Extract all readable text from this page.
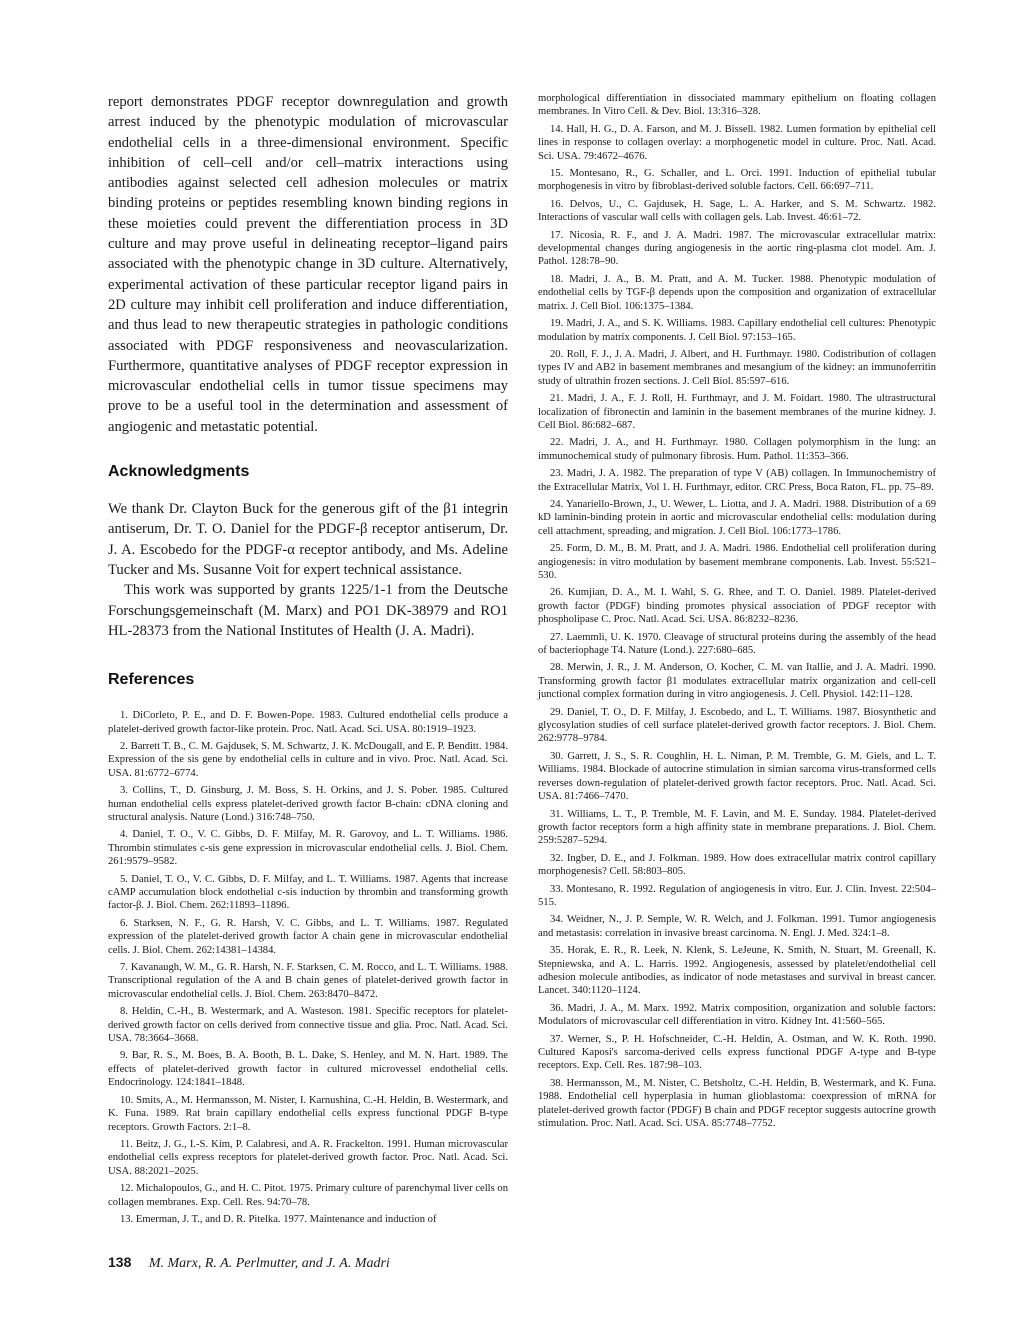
report demonstrates PDGF receptor downregulation and growth arrest induced by the phenotypic modulation of microvascular endothelial cells in a three-dimensional environment. Specific inhibition of cell–cell and/or cell–matrix interactions using antibodies against selected cell adhesion molecules or matrix binding proteins or peptides resembling known binding regions in these moieties could prevent the differentiation process in 3D culture and may prove useful in delineating receptor–ligand pairs associated with the phenotypic change in 3D culture. Alternatively, experimental activation of these particular receptor ligand pairs in 2D culture may inhibit cell proliferation and induce differentiation, and thus lead to new therapeutic strategies in pathologic conditions associated with PDGF responsiveness and neovascularization. Furthermore, quantitative analyses of PDGF receptor expression in microvascular endothelial cells in tumor tissue specimens may prove to be a useful tool in the determination and assessment of angiogenic and metastatic potential.

Acknowledgments

We thank Dr. Clayton Buck for the generous gift of the β1 integrin antiserum, Dr. T. O. Daniel for the PDGF-β receptor antiserum, Dr. J. A. Escobedo for the PDGF-α receptor antibody, and Ms. Adeline Tucker and Ms. Susanne Voit for expert technical assistance.

This work was supported by grants 1225/1-1 from the Deutsche Forschungsgemeinschaft (M. Marx) and PO1 DK-38979 and RO1 HL-28373 from the National Institutes of Health (J. A. Madri).

References
1. DiCorleto, P. E., and D. F. Bowen-Pope. 1983. Cultured endothelial cells produce a platelet-derived growth factor-like protein. Proc. Natl. Acad. Sci. USA. 80:1919–1923.
2. Barrett T. B., C. M. Gajdusek, S. M. Schwartz, J. K. McDougall, and E. P. Benditt. 1984. Expression of the sis gene by endothelial cells in culture and in vivo. Proc. Natl. Acad. Sci. USA. 81:6772–6774.
3. Collins, T., D. Ginsburg, J. M. Boss, S. H. Orkins, and J. S. Pober. 1985. Cultured human endothelial cells express platelet-derived growth factor B-chain: cDNA cloning and structural analysis. Nature (Lond.) 316:748–750.
4. Daniel, T. O., V. C. Gibbs, D. F. Milfay, M. R. Garovoy, and L. T. Williams. 1986. Thrombin stimulates c-sis gene expression in microvascular endothelial cells. J. Biol. Chem. 261:9579–9582.
5. Daniel, T. O., V. C. Gibbs, D. F. Milfay, and L. T. Williams. 1987. Agents that increase cAMP accumulation block endothelial c-sis induction by thrombin and transforming growth factor-β. J. Biol. Chem. 262:11893–11896.
6. Starksen, N. F., G. R. Harsh, V. C. Gibbs, and L. T. Williams. 1987. Regulated expression of the platelet-derived growth factor A chain gene in microvascular endothelial cells. J. Biol. Chem. 262:14381–14384.
7. Kavanaugh, W. M., G. R. Harsh, N. F. Starksen, C. M. Rocco, and L. T. Williams. 1988. Transcriptional regulation of the A and B chain genes of platelet-derived growth factor in microvascular endothelial cells. J. Biol. Chem. 263:8470–8472.
8. Heldin, C.-H., B. Westermark, and A. Wasteson. 1981. Specific receptors for platelet-derived growth factor on cells derived from connective tissue and glia. Proc. Natl. Acad. Sci. USA. 78:3664–3668.
9. Bar, R. S., M. Boes, B. A. Booth, B. L. Dake, S. Henley, and M. N. Hart. 1989. The effects of platelet-derived growth factor in cultured microvessel endothelial cells. Endocrinology. 124:1841–1848.
10. Smits, A., M. Hermansson, M. Nister, I. Karnushina, C.-H. Heldin, B. Westermark, and K. Funa. 1989. Rat brain capillary endothelial cells express functional PDGF B-type receptors. Growth Factors. 2:1–8.
11. Beitz, J. G., I.-S. Kim, P. Calabresi, and A. R. Frackelton. 1991. Human microvascular endothelial cells express receptors for platelet-derived growth factor. Proc. Natl. Acad. Sci. USA. 88:2021–2025.
12. Michalopoulos, G., and H. C. Pitot. 1975. Primary culture of parenchymal liver cells on collagen membranes. Exp. Cell. Res. 94:70–78.
13. Emerman, J. T., and D. R. Pitelka. 1977. Maintenance and induction of
morphological differentiation in dissociated mammary epithelium on floating collagen membranes. In Vitro Cell. & Dev. Biol. 13:316–328.
14. Hall, H. G., D. A. Farson, and M. J. Bissell. 1982. Lumen formation by epithelial cell lines in response to collagen overlay: a morphogenetic model in culture. Proc. Natl. Acad. Sci. USA. 79:4672–4676.
15. Montesano, R., G. Schaller, and L. Orci. 1991. Induction of epithelial tubular morphogenesis in vitro by fibroblast-derived soluble factors. Cell. 66:697–711.
16. Delvos, U., C. Gajdusek, H. Sage, L. A. Harker, and S. M. Schwartz. 1982. Interactions of vascular wall cells with collagen gels. Lab. Invest. 46:61–72.
17. Nicosia, R. F., and J. A. Madri. 1987. The microvascular extracellular matrix: developmental changes during angiogenesis in the aortic ring-plasma clot model. Am. J. Pathol. 128:78–90.
18. Madri, J. A., B. M. Pratt, and A. M. Tucker. 1988. Phenotypic modulation of endothelial cells by TGF-β depends upon the composition and organization of extracellular matrix. J. Cell Biol. 106:1375–1384.
19. Madri, J. A., and S. K. Williams. 1983. Capillary endothelial cell cultures: Phenotypic modulation by matrix components. J. Cell Biol. 97:153–165.
20. Roll, F. J., J. A. Madri, J. Albert, and H. Furthmayr. 1980. Codistribution of collagen types IV and AB2 in basement membranes and mesangium of the kidney: an immunoferritin study of ultrathin frozen sections. J. Cell Biol. 85:597–616.
21. Madri, J. A., F. J. Roll, H. Furthmayr, and J. M. Foidart. 1980. The ultrastructural localization of fibronectin and laminin in the basement membranes of the murine kidney. J. Cell Biol. 86:682–687.
22. Madri, J. A., and H. Furthmayr. 1980. Collagen polymorphism in the lung: an immunochemical study of pulmonary fibrosis. Hum. Pathol. 11:353–366.
23. Madri, J. A. 1982. The preparation of type V (AB) collagen. In Immunochemistry of the Extracellular Matrix, Vol 1. H. Furthmayr, editor. CRC Press, Boca Raton, FL. pp. 75–89.
24. Yanariello-Brown, J., U. Wewer, L. Liotta, and J. A. Madri. 1988. Distribution of a 69 kD laminin-binding protein in aortic and microvascular endothelial cells: modulation during cell attachment, spreading, and migration. J. Cell Biol. 106:1773–1786.
25. Form, D. M., B. M. Pratt, and J. A. Madri. 1986. Endothelial cell proliferation during angiogenesis: in vitro modulation by basement membrane components. Lab. Invest. 55:521–530.
26. Kumjian, D. A., M. I. Wahl, S. G. Rhee, and T. O. Daniel. 1989. Platelet-derived growth factor (PDGF) binding promotes physical association of PDGF receptor with phospholipase C. Proc. Natl. Acad. Sci. USA. 86:8232–8236.
27. Laemmli, U. K. 1970. Cleavage of structural proteins during the assembly of the head of bacteriophage T4. Nature (Lond.). 227:680–685.
28. Merwin, J. R., J. M. Anderson, O. Kocher, C. M. van Itallie, and J. A. Madri. 1990. Transforming growth factor β1 modulates extracellular matrix organization and cell-cell junctional complex formation during in vitro angiogenesis. J. Cell. Physiol. 142:11–128.
29. Daniel, T. O., D. F. Milfay, J. Escobedo, and L. T. Williams. 1987. Biosynthetic and glycosylation studies of cell surface platelet-derived growth factor receptors. J. Biol. Chem. 262:9778–9784.
30. Garrett, J. S., S. R. Coughlin, H. L. Niman, P. M. Tremble, G. M. Giels, and L. T. Williams. 1984. Blockade of autocrine stimulation in simian sarcoma virus-transformed cells reverses down-regulation of platelet-derived growth factor receptors. Proc. Natl. Acad. Sci. USA. 81:7466–7470.
31. Williams, L. T., P. Tremble, M. F. Lavin, and M. E. Sunday. 1984. Platelet-derived growth factor receptors form a high affinity state in membrane preparations. J. Biol. Chem. 259:5287–5294.
32. Ingber, D. E., and J. Folkman. 1989. How does extracellular matrix control capillary morphogenesis? Cell. 58:803–805.
33. Montesano, R. 1992. Regulation of angiogenesis in vitro. Eur. J. Clin. Invest. 22:504–515.
34. Weidner, N., J. P. Semple, W. R. Welch, and J. Folkman. 1991. Tumor angiogenesis and metastasis: correlation in invasive breast carcinoma. N. Engl. J. Med. 324:1–8.
35. Horak, E. R., R. Leek, N. Klenk, S. LeJeune, K. Smith, N. Stuart, M. Greenall, K. Stepniewska, and A. L. Harris. 1992. Angiogenesis, assessed by platelet/endothelial cell adhesion molecule antibodies, as indicator of node metastases and survival in breast cancer. Lancet. 340:1120–1124.
36. Madri, J. A., M. Marx. 1992. Matrix composition, organization and soluble factors: Modulators of microvascular cell differentiation in vitro. Kidney Int. 41:560–565.
37. Werner, S., P. H. Hofschneider, C.-H. Heldin, A. Ostman, and W. K. Roth. 1990. Cultured Kaposi's sarcoma-derived cells express functional PDGF A-type and B-type receptors. Exp. Cell. Res. 187:98–103.
38. Hermansson, M., M. Nister, C. Betsholtz, C.-H. Heldin, B. Westermark, and K. Funa. 1988. Endothelial cell hyperplasia in human glioblastoma: coexpression of mRNA for platelet-derived growth factor (PDGF) B chain and PDGF receptor suggests autocrine growth stimulation. Proc. Natl. Acad. Sci. USA. 85:7748–7752.
138 M. Marx, R. A. Perlmutter, and J. A. Madri
